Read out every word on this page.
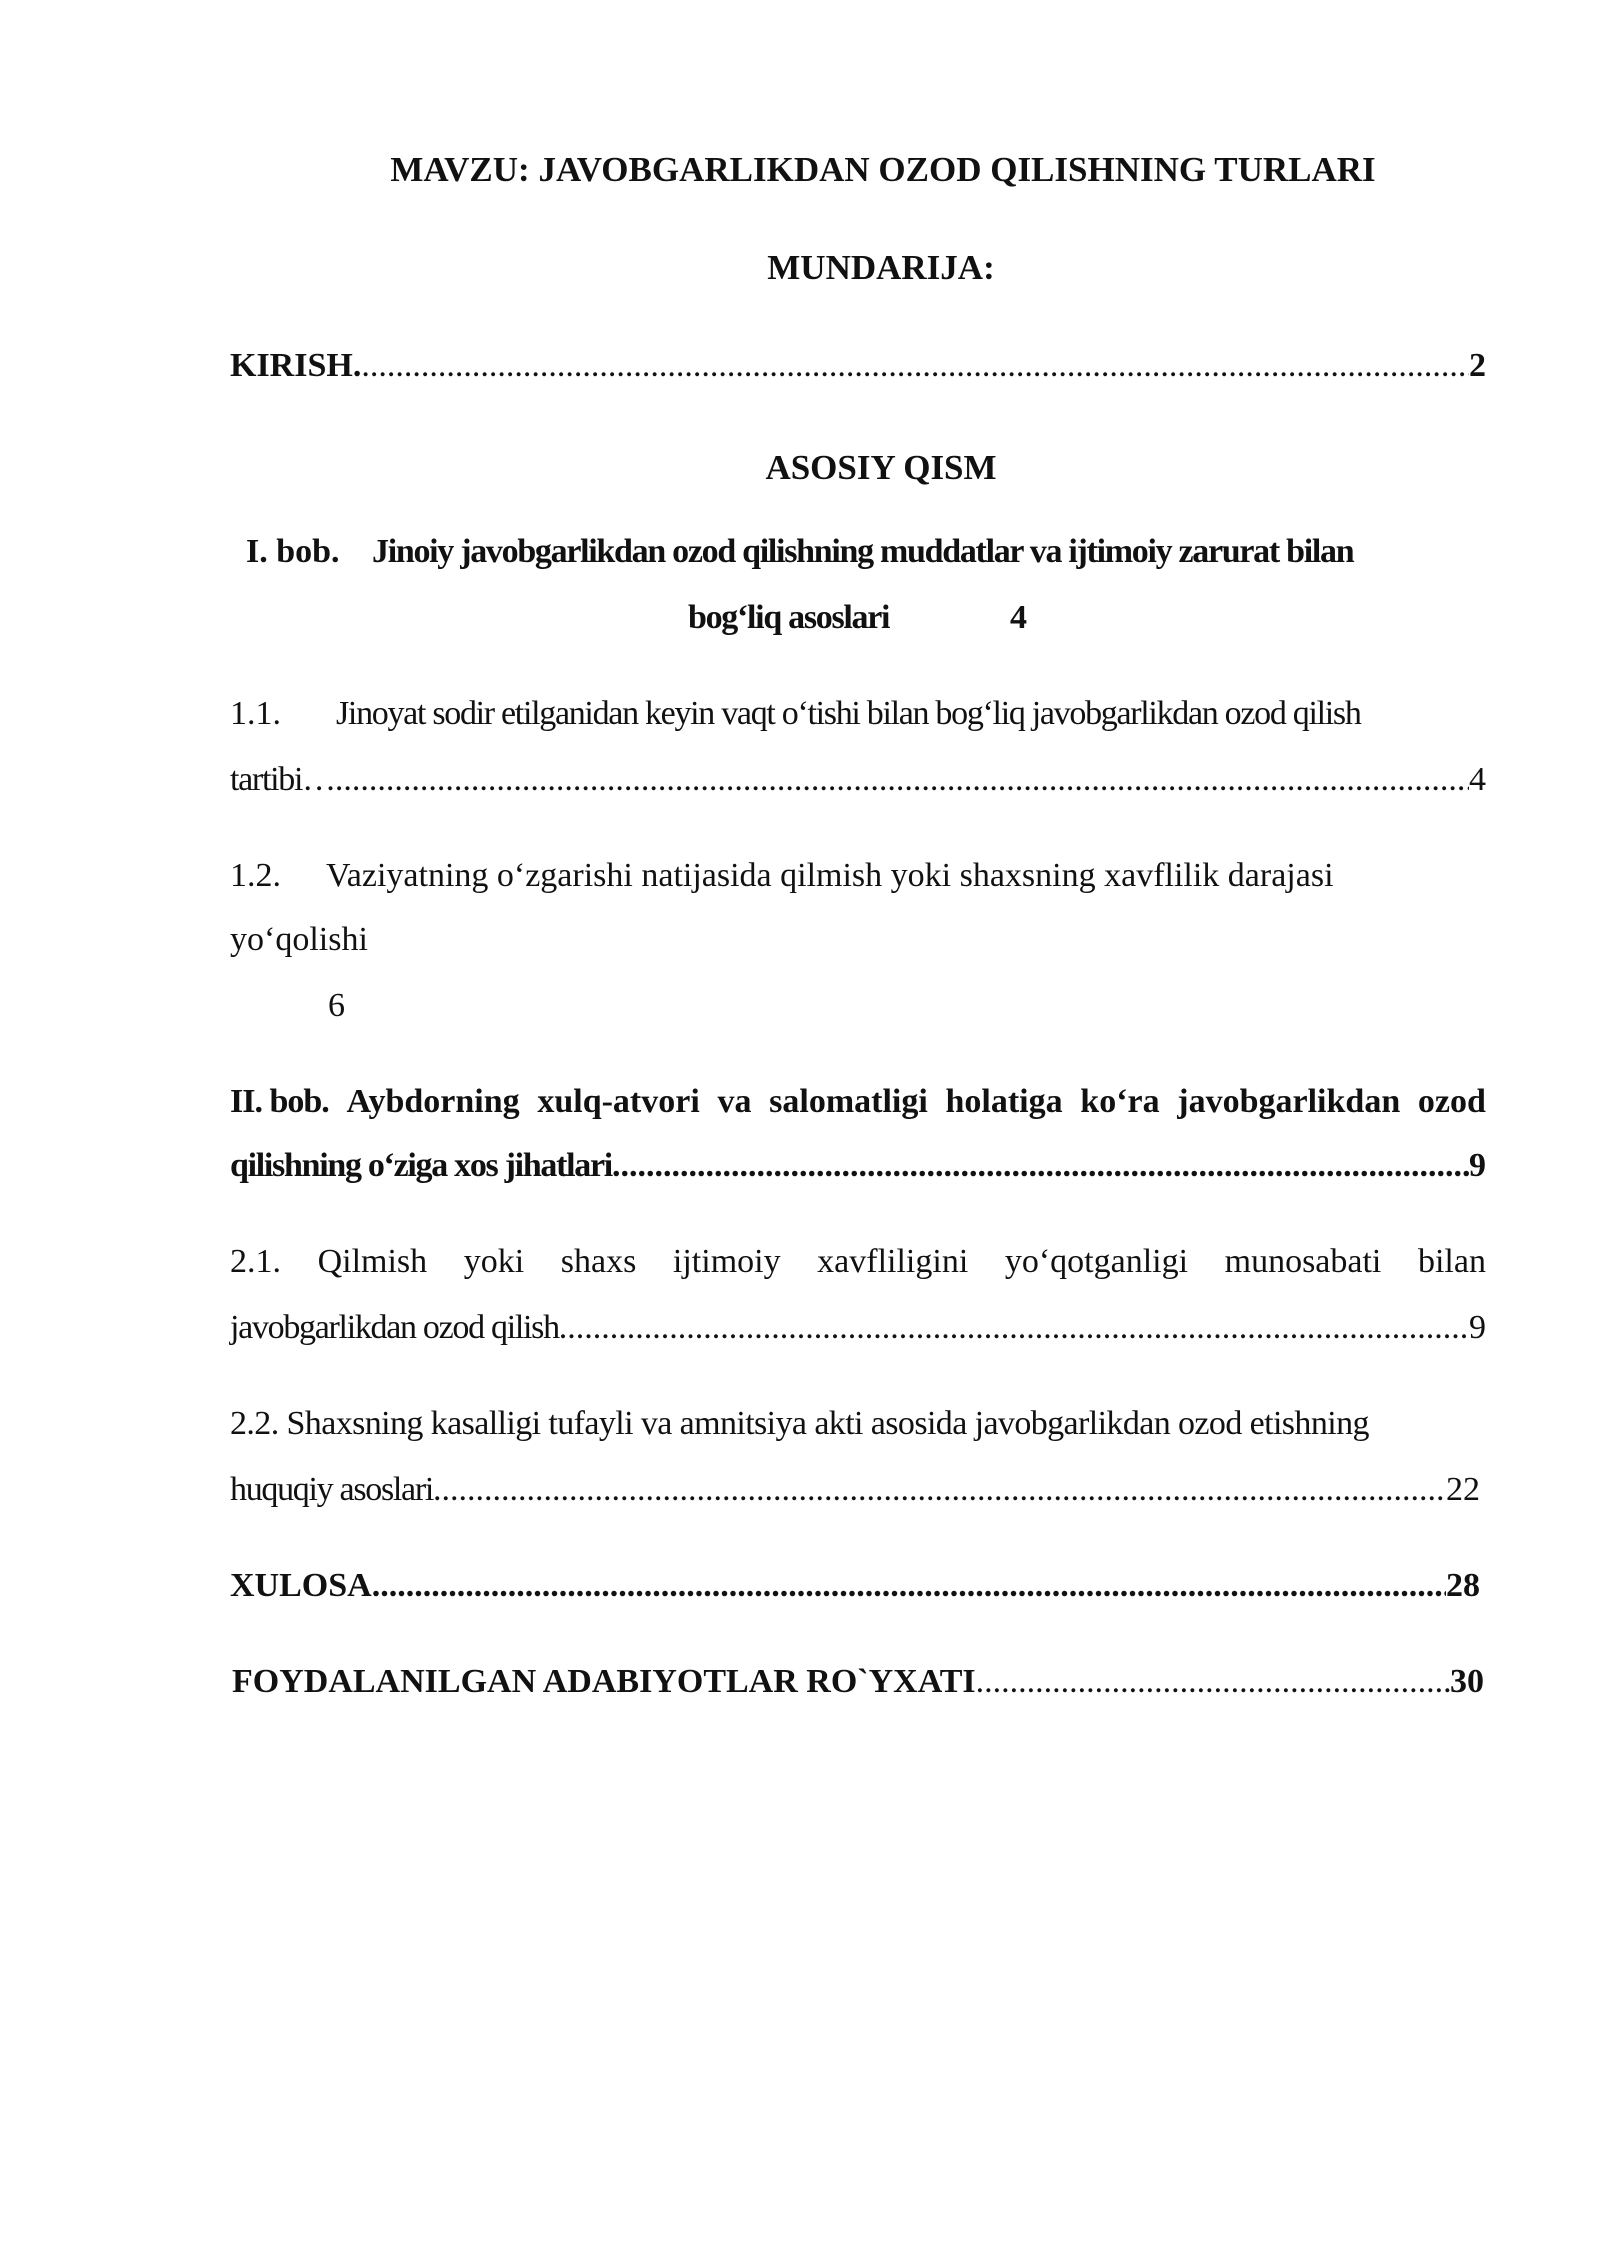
MAVZU: JAVOBGARLIKDAN OZOD QILISHNING TURLARI
MUNDARIJA:
KIRISH. .....	2
ASOSIY QISM
I. bob. Jinoiy javobgarlikdan ozod qilishning muddatlar va ijtimoiy zarurat bilan
bog‘liq asoslari	4
1.1. Jinoyat sodir etilganidan keyin vaqt o‘tishi bilan bog‘liq javobgarlikdan ozod qilish
tartibi… .....	4
1.2. Vaziyatning o‘zgarishi natijasida qilmish yoki shaxsning xavflilik darajasi
yo‘qolishi
6
II. bob. Aybdorning xulq-atvori va salomatligi holatiga ko‘ra javobgarlikdan ozod
qilishning o‘ziga xos jihatlari .....	9
2.1. Qilmish yoki shaxs ijtimoiy xavfliligini yo‘qotganligi munosabati bilan
javobgarlikdan ozod qilish .....	9
2.2. Shaxsning kasalligi tufayli va amnitsiya akti asosida javobgarlikdan ozod etishning
huquqiy asoslari .....	22
XULOSA .....	28
FOYDALANILGAN ADABIYOTLAR RO`YXATI .....	30
